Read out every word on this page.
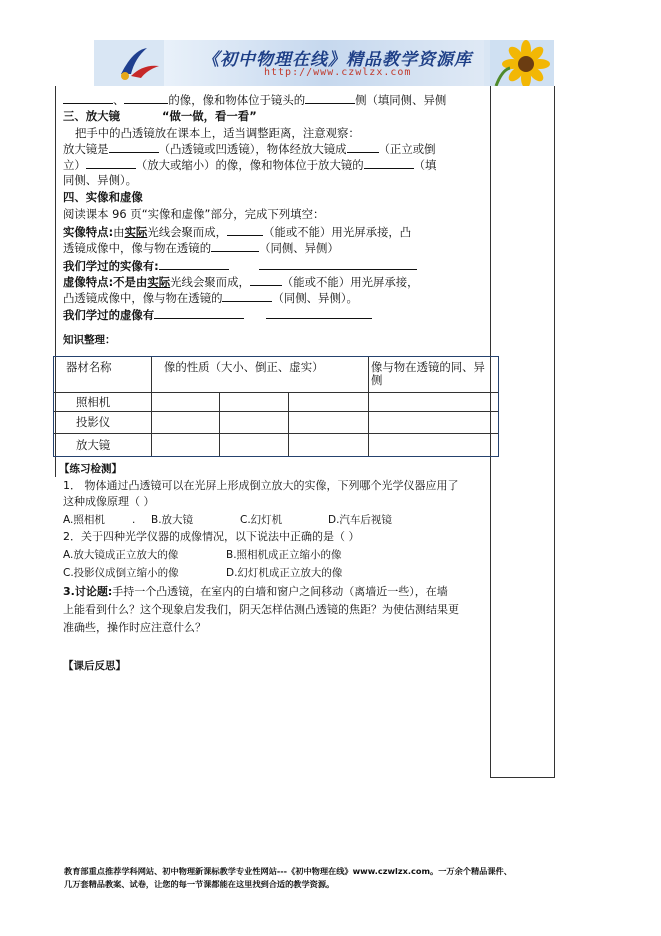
《初中物理在线》精品教学资源库
http://www.czwlzx.com
、	的像，像和物体位于镜头的	侧（填同侧、异侧
三、放大镜	“做一做，看一看”
把手中的凸透镜放在课本上，适当调整距离，注意观察：
放大镜是	（凸透镜或凹透镜），物体经放大镜成	（正立或倒
立）	（放大或缩小）的像，像和物体位于放大镜的	（填
同侧、异侧）。
四、实像和虚像
阅读课本 96 页“实像和虚像”部分，完成下列填空：
实像特点:由实际光线会聚而成，	（能或不能）用光屏承接，凸
透镜成像中，像与物在透镜的	（同侧、异侧）
我们学过的实像有:
虚像特点:不是由实际光线会聚而成，	（能或不能）用光屏承接，
凸透镜成像中，像与物在透镜的	（同侧、异侧）。
我们学过的虚像有
知识整理：
器材名称	像的性质（大小、倒正、虚实）	像与物在透镜的同、异侧
照相机
投影仪
放大镜
【练习检测】
1． 物体通过凸透镜可以在光屏上形成倒立放大的实像，下列哪个光学仪器应用了
这种成像原理（ ）
A.照相机	. B.放大镜	C.幻灯机	D.汽车后视镜
2．关于四种光学仪器的成像情况，以下说法中正确的是（ ）
A.放大镜成正立放大的像	B.照相机成正立缩小的像
C.投影仪成倒立缩小的像	D.幻灯机成正立放大的像
3.讨论题:手持一个凸透镜，在室内的白墙和窗户之间移动（离墙近一些），在墙
上能看到什么？这个现象启发我们，阴天怎样估测凸透镜的焦距？为使估测结果更
准确些，操作时应注意什么？
【课后反思】
教育部重点推荐学科网站、初中物理新课标教学专业性网站---《初中物理在线》www.czwlzx.com。一万余个精品课件、
几万套精品教案、试卷，让您的每一节课都能在这里找到合适的教学资源。
